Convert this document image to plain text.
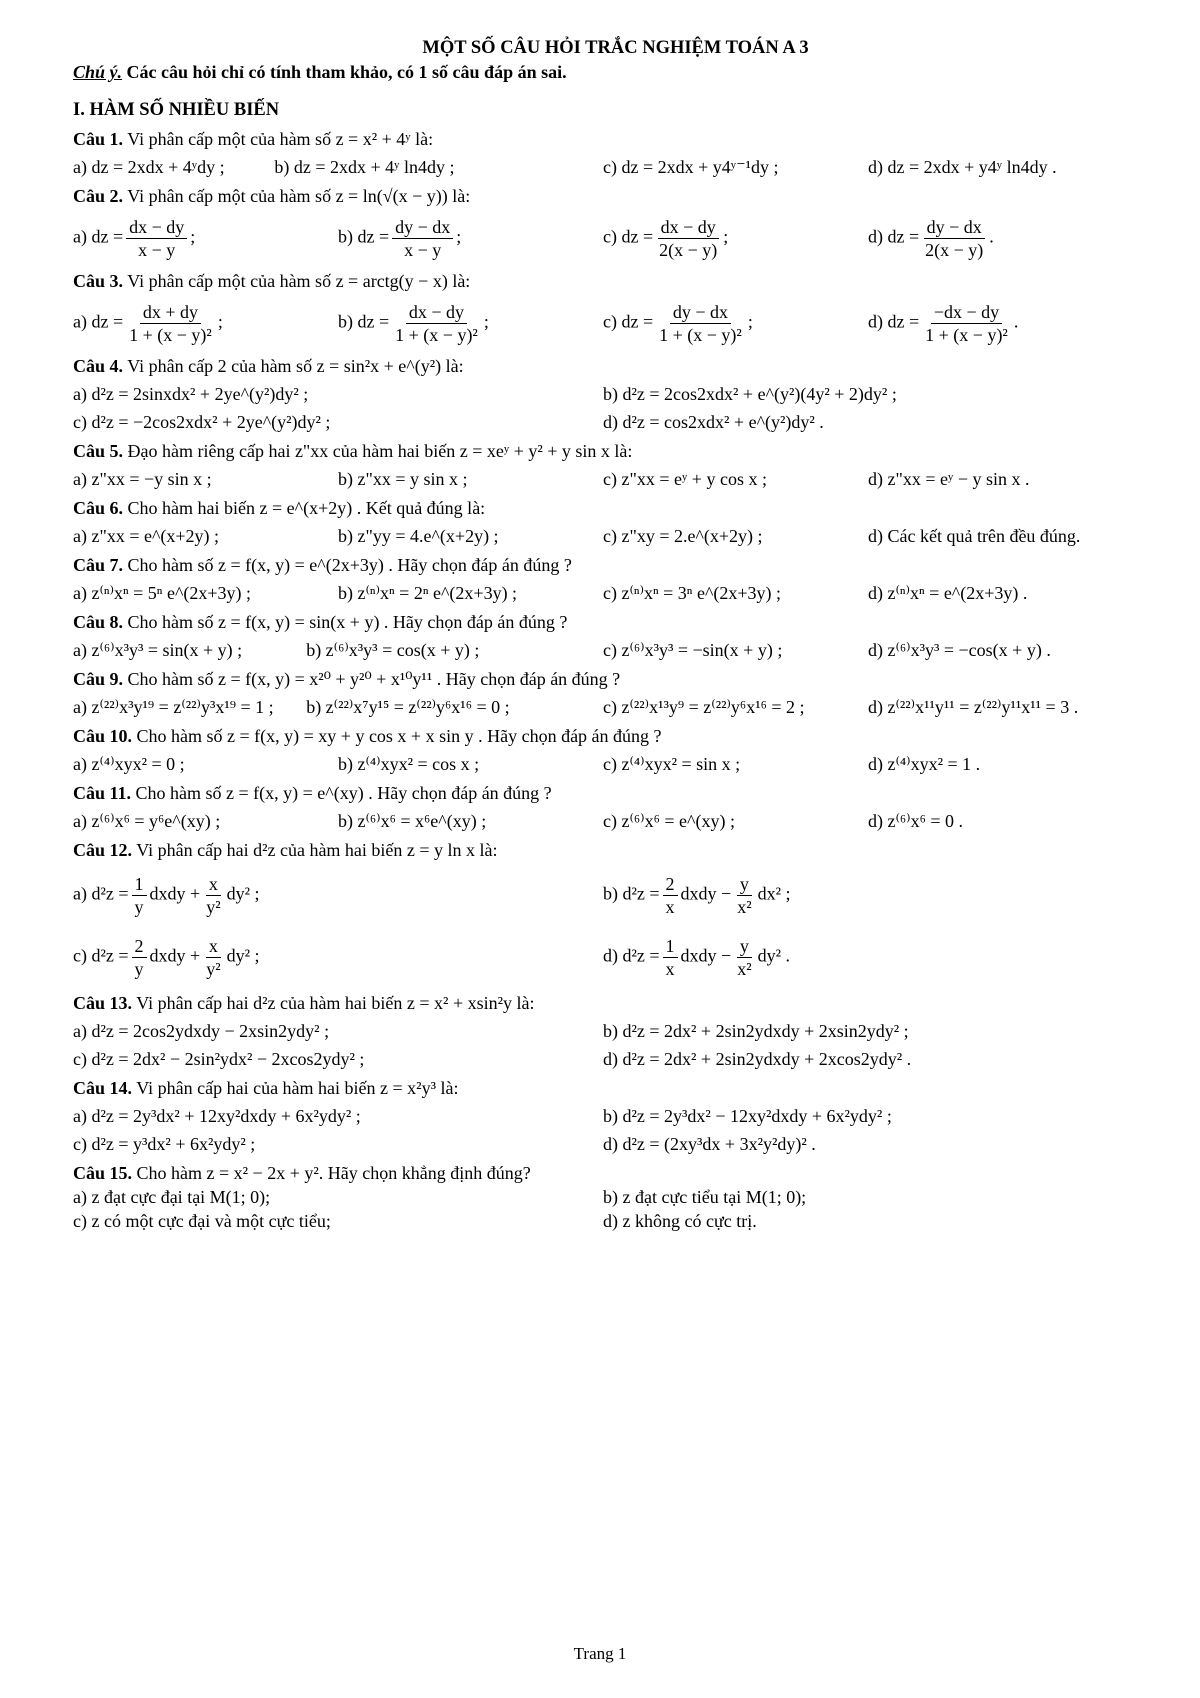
MỘT SỐ CÂU HỎI TRẮC NGHIỆM TOÁN A 3
Chú ý. Các câu hỏi chỉ có tính tham khảo, có 1 số câu đáp án sai.
I. HÀM SỐ NHIỀU BIẾN
Câu 1. Vi phân cấp một của hàm số z = x² + 4ʸ là:
a) dz = 2xdx + 4ʸdy ;	b) dz = 2xdx + 4ʸ ln4dy ;	c) dz = 2xdx + y4ʸ⁻¹dy ;	d) dz = 2xdx + y4ʸ ln4dy .
Câu 2. Vi phân cấp một của hàm số z = ln(√(x − y)) là:
a) dz = $\frac{dx - dy}{x - y}$ ;	b) dz = $\frac{dy - dx}{x - y}$ ;	c) dz = $\frac{dx - dy}{2(x - y)}$ ;	d) dz = $\frac{dy - dx}{2(x - y)}$ .
Câu 3. Vi phân cấp một của hàm số z = arctg(y − x) là:
a) dz = $\frac{dx + dy}{\text{1 + (x − y)²}}$ ;	b) dz = $\frac{dx - dy}{\text{1 + (x − y)²}}$ ;	c) dz = $\frac{dy - dx}{\text{1 + (x − y)²}}$ ;	d) dz = $\frac{-dx - dy}{\text{1 + (x − y)²}}$ .
Câu 4. Vi phân cấp 2 của hàm số z = sin²x + e^(y²) là:
a) d²z = 2sinxdx² + 2ye^(y²)dy² ;	b) d²z = 2cos2xdx² + e^(y²)(4y² + 2)dy² ;
c) d²z = −2cos2xdx² + 2ye^(y²)dy² ;	d) d²z = cos2xdx² + e^(y²)dy² .
Câu 5. Đạo hàm riêng cấp hai z"xx của hàm hai biến z = xeʸ + y² + y sin x là:
a) z"xx = −y sin x ;	b) z"xx = y sin x ;	c) z"xx = eʸ + y cos x ;	d) z"xx = eʸ − y sin x .
Câu 6. Cho hàm hai biến z = e^(x+2y) . Kết quả đúng là:
a) z"xx = e^(x+2y) ;	b) z"yy = 4.e^(x+2y) ;	c) z"xy = 2.e^(x+2y) ;	d) Các kết quả trên đều đúng.
Câu 7. Cho hàm số z = f(x, y) = e^(2x+3y) . Hãy chọn đáp án đúng ?
a) z⁽ⁿ⁾xⁿ = 5ⁿ e^(2x+3y) ;	b) z⁽ⁿ⁾xⁿ = 2ⁿ e^(2x+3y) ;	c) z⁽ⁿ⁾xⁿ = 3ⁿ e^(2x+3y) ;	d) z⁽ⁿ⁾xⁿ = e^(2x+3y) .
Câu 8. Cho hàm số z = f(x, y) = sin(x + y) . Hãy chọn đáp án đúng ?
a) z⁽⁶⁾x³y³ = sin(x + y) ;	b) z⁽⁶⁾x³y³ = cos(x + y) ;	c) z⁽⁶⁾x³y³ = −sin(x + y) ;	d) z⁽⁶⁾x³y³ = −cos(x + y) .
Câu 9. Cho hàm số z = f(x, y) = x²⁰ + y²⁰ + x¹⁰y¹¹ . Hãy chọn đáp án đúng ?
a) z⁽²²⁾x³y¹⁹ = z⁽²²⁾y³x¹⁹ = 1 ;	b) z⁽²²⁾x⁷y¹⁵ = z⁽²²⁾y⁶x¹⁶ = 0 ;	c) z⁽²²⁾x¹³y⁹ = z⁽²²⁾y⁶x¹⁶ = 2 ;	d) z⁽²²⁾x¹¹y¹¹ = z⁽²²⁾y¹¹x¹¹ = 3 .
Câu 10. Cho hàm số z = f(x, y) = xy + y cos x + x sin y . Hãy chọn đáp án đúng ?
a) z⁽⁴⁾xyx² = 0 ;	b) z⁽⁴⁾xyx² = cos x ;	c) z⁽⁴⁾xyx² = sin x ;	d) z⁽⁴⁾xyx² = 1 .
Câu 11. Cho hàm số z = f(x, y) = e^(xy) . Hãy chọn đáp án đúng ?
a) z⁽⁶⁾x⁶ = y⁶e^(xy) ;	b) z⁽⁶⁾x⁶ = x⁶e^(xy) ;	c) z⁽⁶⁾x⁶ = e^(xy) ;	d) z⁽⁶⁾x⁶ = 0 .
Câu 12. Vi phân cấp hai d²z của hàm hai biến z = y ln x là:
a) $d^2z = \frac{1}{y}$ dxdy + $\frac{x}{\text{y²}} dy^2$ ;	b) $d^2z = \frac{2}{x}$ dxdy − $\frac{y}{\text{x²}} dx^2$ ;
c) $d^2z = \frac{2}{y}$ dxdy + $\frac{x}{\text{y²}} dy^2$ ;	d) $d^2z = \frac{1}{x}$ dxdy − $\frac{y}{\text{x²}} dy^2$ .
Câu 13. Vi phân cấp hai d²z của hàm hai biến z = x² + xsin²y là:
a) d²z = 2cos2ydxdy − 2xsin2ydy² ;	b) d²z = 2dx² + 2sin2ydxdy + 2xsin2ydy² ;
c) d²z = 2dx² − 2sin²ydx² − 2xcos2ydy² ;	d) d²z = 2dx² + 2sin2ydxdy + 2xcos2ydy² .
Câu 14. Vi phân cấp hai của hàm hai biến z = x²y³ là:
a) d²z = 2y³dx² + 12xy²dxdy + 6x²ydy² ;	b) d²z = 2y³dx² − 12xy²dxdy + 6x²ydy² ;
c) d²z = y³dx² + 6x²ydy² ;	d) d²z = (2xy³dx + 3x²y²dy)² .
Câu 15. Cho hàm z = x² − 2x + y². Hãy chọn khẳng định đúng?
a) z đạt cực đại tại M(1; 0);	b) z đạt cực tiểu tại M(1; 0);
c) z có một cực đại và một cực tiểu;	d) z không có cực trị.
Trang 1
